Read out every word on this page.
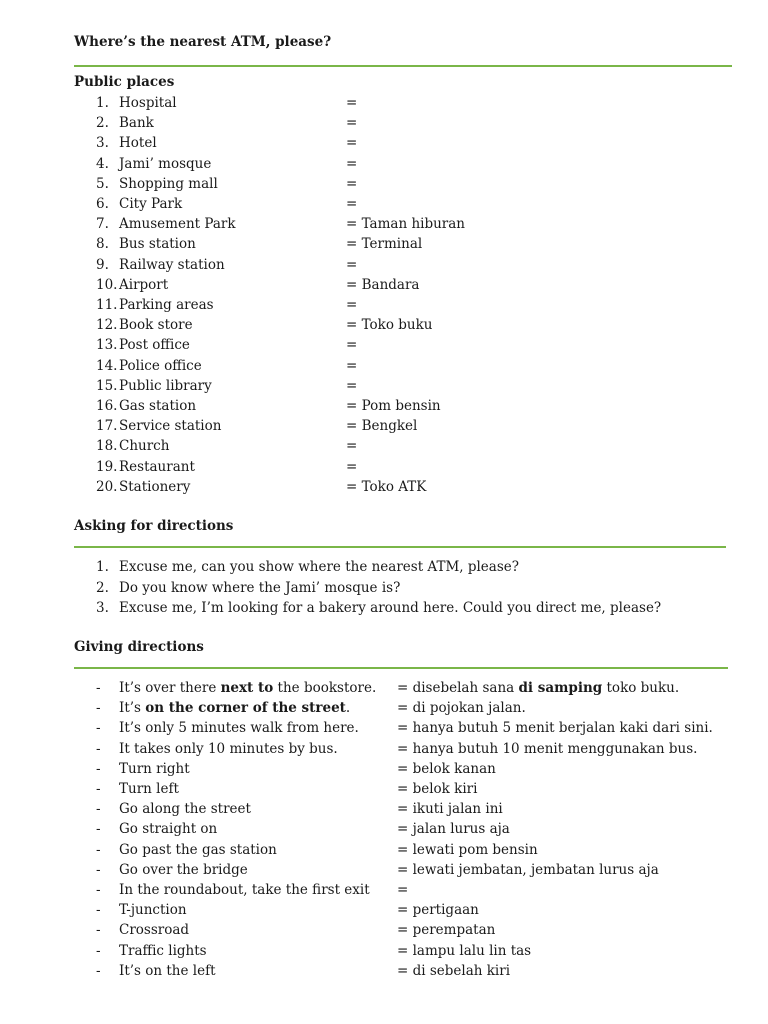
Where’s the nearest ATM, please?
Public places
1. Hospital	=
2. Bank	=
3. Hotel	=
4. Jami’ mosque	=
5. Shopping mall	=
6. City Park	=
7. Amusement Park	= Taman hiburan
8. Bus station	= Terminal
9. Railway station	=
10. Airport	= Bandara
11. Parking areas	=
12. Book store	= Toko buku
13. Post office	=
14. Police office	=
15. Public library	=
16. Gas station	= Pom bensin
17. Service station	= Bengkel
18. Church	=
19. Restaurant	=
20. Stationery	= Toko ATK
Asking for directions
1. Excuse me, can you show where the nearest ATM, please?
2. Do you know where the Jami’ mosque is?
3. Excuse me, I’m looking for a bakery around here. Could you direct me, please?
Giving directions
- It’s over there next to the bookstore. = disebelah sana di samping toko buku.
- It’s on the corner of the street.	= di pojokan jalan.
- It’s only 5 minutes walk from here.	= hanya butuh 5 menit berjalan kaki dari sini.
- It takes only 10 minutes by bus.	= hanya butuh 10 menit menggunakan bus.
- Turn right	= belok kanan
- Turn left	= belok kiri
- Go along the street	= ikuti jalan ini
- Go straight on	= jalan lurus aja
- Go past the gas station	= lewati pom bensin
- Go over the bridge	= lewati jembatan, jembatan lurus aja
- In the roundabout, take the first exit =
- T-junction	= pertigaan
- Crossroad	= perempatan
- Traffic lights	= lampu lalu lin tas
- It’s on the left	= di sebelah kiri
